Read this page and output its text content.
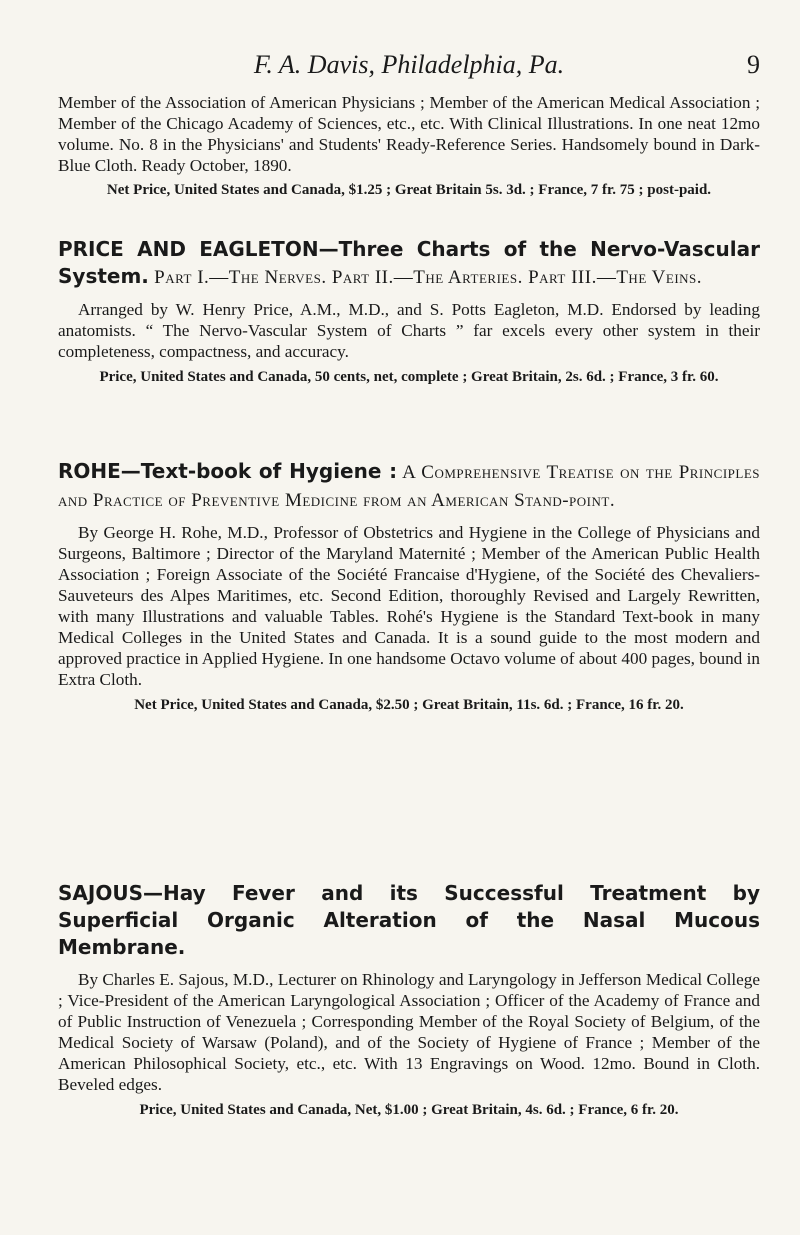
F. A. Davis, Philadelphia, Pa.	9
Member of the Association of American Physicians ; Member of the American Medical Association ; Member of the Chicago Academy of Sciences, etc., etc. With Clinical Illustrations. In one neat 12mo volume. No. 8 in the Physicians' and Students' Ready-Reference Series. Handsomely bound in Dark-Blue Cloth. Ready October, 1890.
Net Price, United States and Canada, $1.25 ; Great Britain 5s. 3d. ; France, 7 fr. 75 ; post-paid.
PRICE AND EAGLETON—Three Charts of the Nervo-Vascular System. Part I.—The Nerves. Part II.—The Arteries. Part III.—The Veins.
Arranged by W. Henry Price, A.M., M.D., and S. Potts Eagleton, M.D. Endorsed by leading anatomists. “ The Nervo-Vascular System of Charts ” far excels every other system in their completeness, compactness, and accuracy.
Price, United States and Canada, 50 cents, net, complete ; Great Britain, 2s. 6d. ; France, 3 fr. 60.
ROHE—Text-book of Hygiene : A Comprehensive Treatise on the Principles and Practice of Preventive Medicine from an American Stand-point.
By George H. Rohe, M.D., Professor of Obstetrics and Hygiene in the College of Physicians and Surgeons, Baltimore ; Director of the Maryland Maternité ; Member of the American Public Health Association ; Foreign Associate of the Société Francaise d'Hygiene, of the Société des Chevaliers-Sauveteurs des Alpes Maritimes, etc. Second Edition, thoroughly Revised and Largely Rewritten, with many Illustrations and valuable Tables. Rohé's Hygiene is the Standard Text-book in many Medical Colleges in the United States and Canada. It is a sound guide to the most modern and approved practice in Applied Hygiene. In one handsome Octavo volume of about 400 pages, bound in Extra Cloth.
Net Price, United States and Canada, $2.50 ; Great Britain, 11s. 6d. ; France, 16 fr. 20.
SAJOUS—Hay Fever and its Successful Treatment by Superficial Organic Alteration of the Nasal Mucous Membrane.
By Charles E. Sajous, M.D., Lecturer on Rhinology and Laryngology in Jefferson Medical College ; Vice-President of the American Laryngological Association ; Officer of the Academy of France and of Public Instruction of Venezuela ; Corresponding Member of the Royal Society of Belgium, of the Medical Society of Warsaw (Poland), and of the Society of Hygiene of France ; Member of the American Philosophical Society, etc., etc. With 13 Engravings on Wood. 12mo. Bound in Cloth. Beveled edges.
Price, United States and Canada, Net, $1.00 ; Great Britain, 4s. 6d. ; France, 6 fr. 20.
